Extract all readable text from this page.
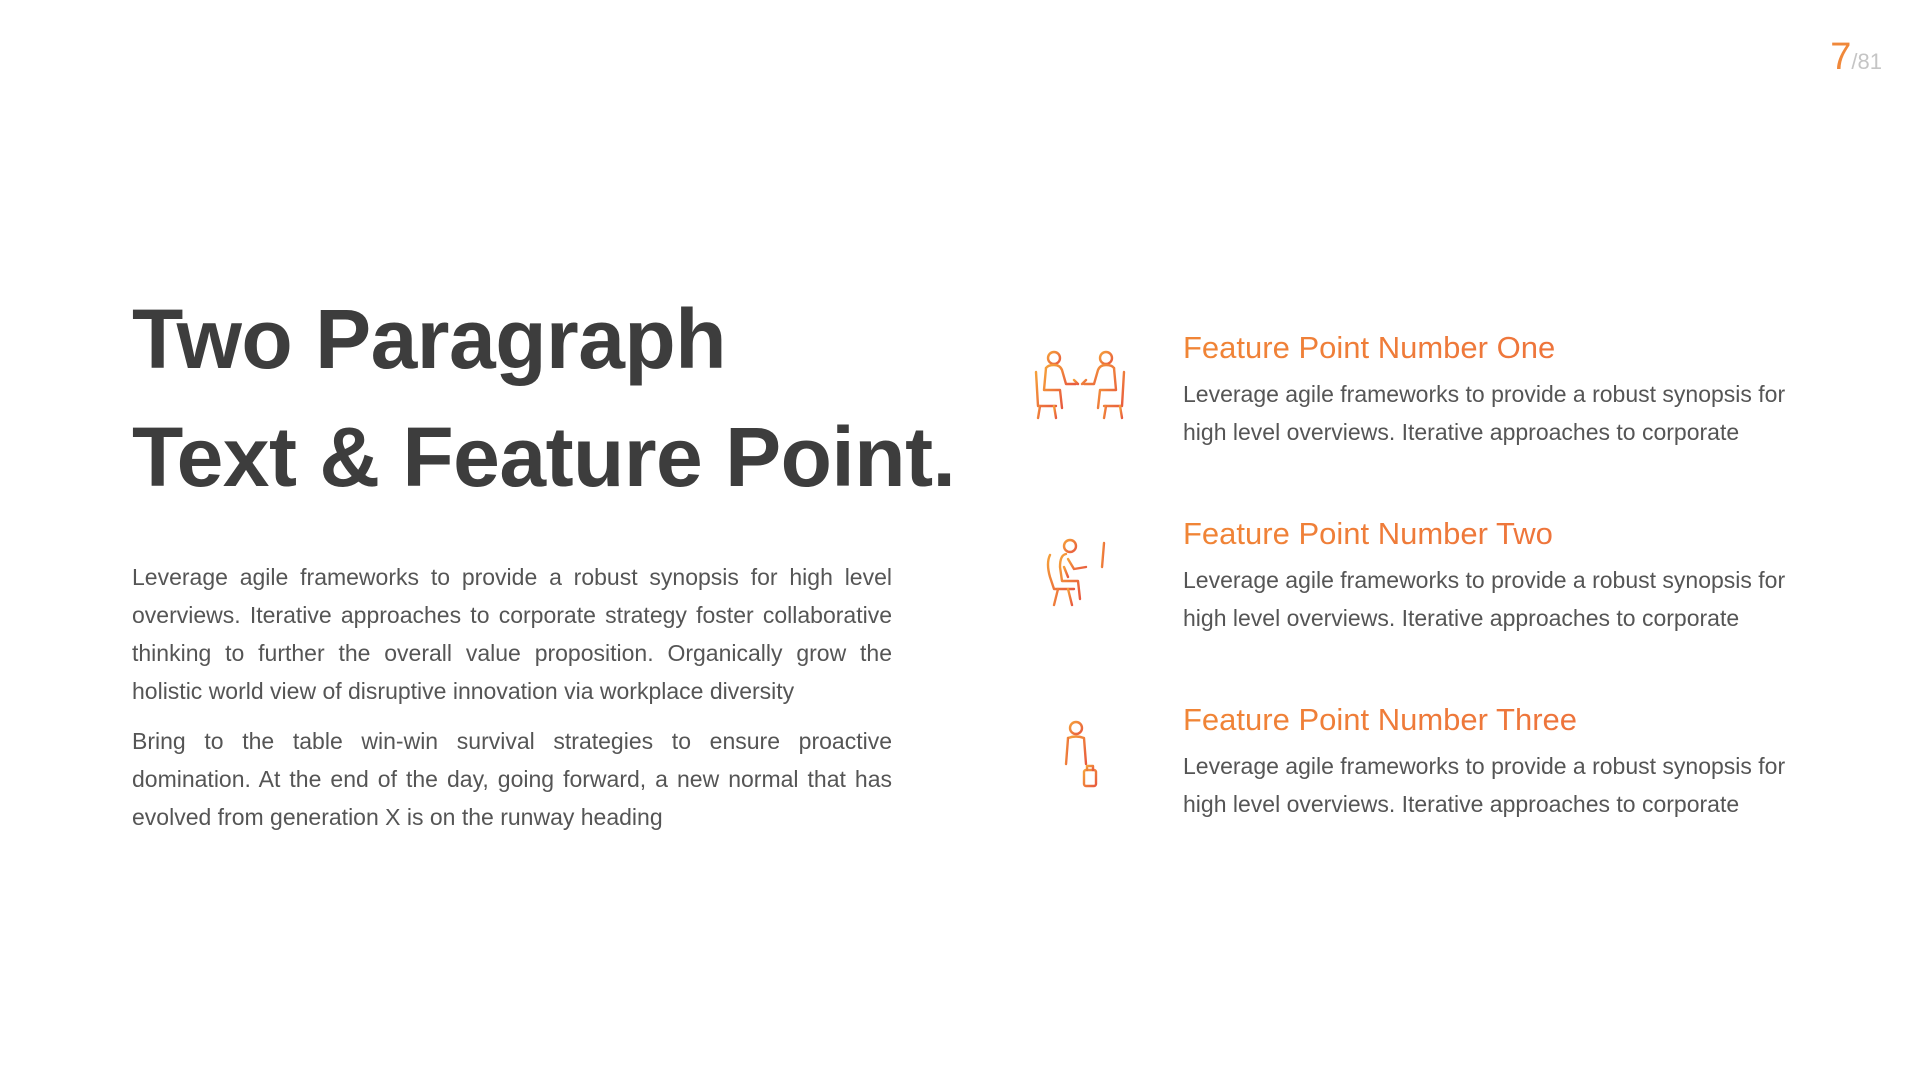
7/81
Two Paragraph
Text & Feature Point.

Leverage agile frameworks to provide a robust synopsis for high level overviews. Iterative approaches to corporate strategy foster collaborative thinking to further the overall value proposition. Organically grow the holistic world view of disruptive innovation via workplace diversity

Bring to the table win-win survival strategies to ensure proactive domination. At the end of the day, going forward, a new normal that has evolved from generation X is on the runway heading

Feature Point Number One

Leverage agile frameworks to provide a robust synopsis for high level overviews. Iterative approaches to corporate

Feature Point Number Two

Leverage agile frameworks to provide a robust synopsis for high level overviews. Iterative approaches to corporate

Feature Point Number Three

Leverage agile frameworks to provide a robust synopsis for high level overviews. Iterative approaches to corporate
